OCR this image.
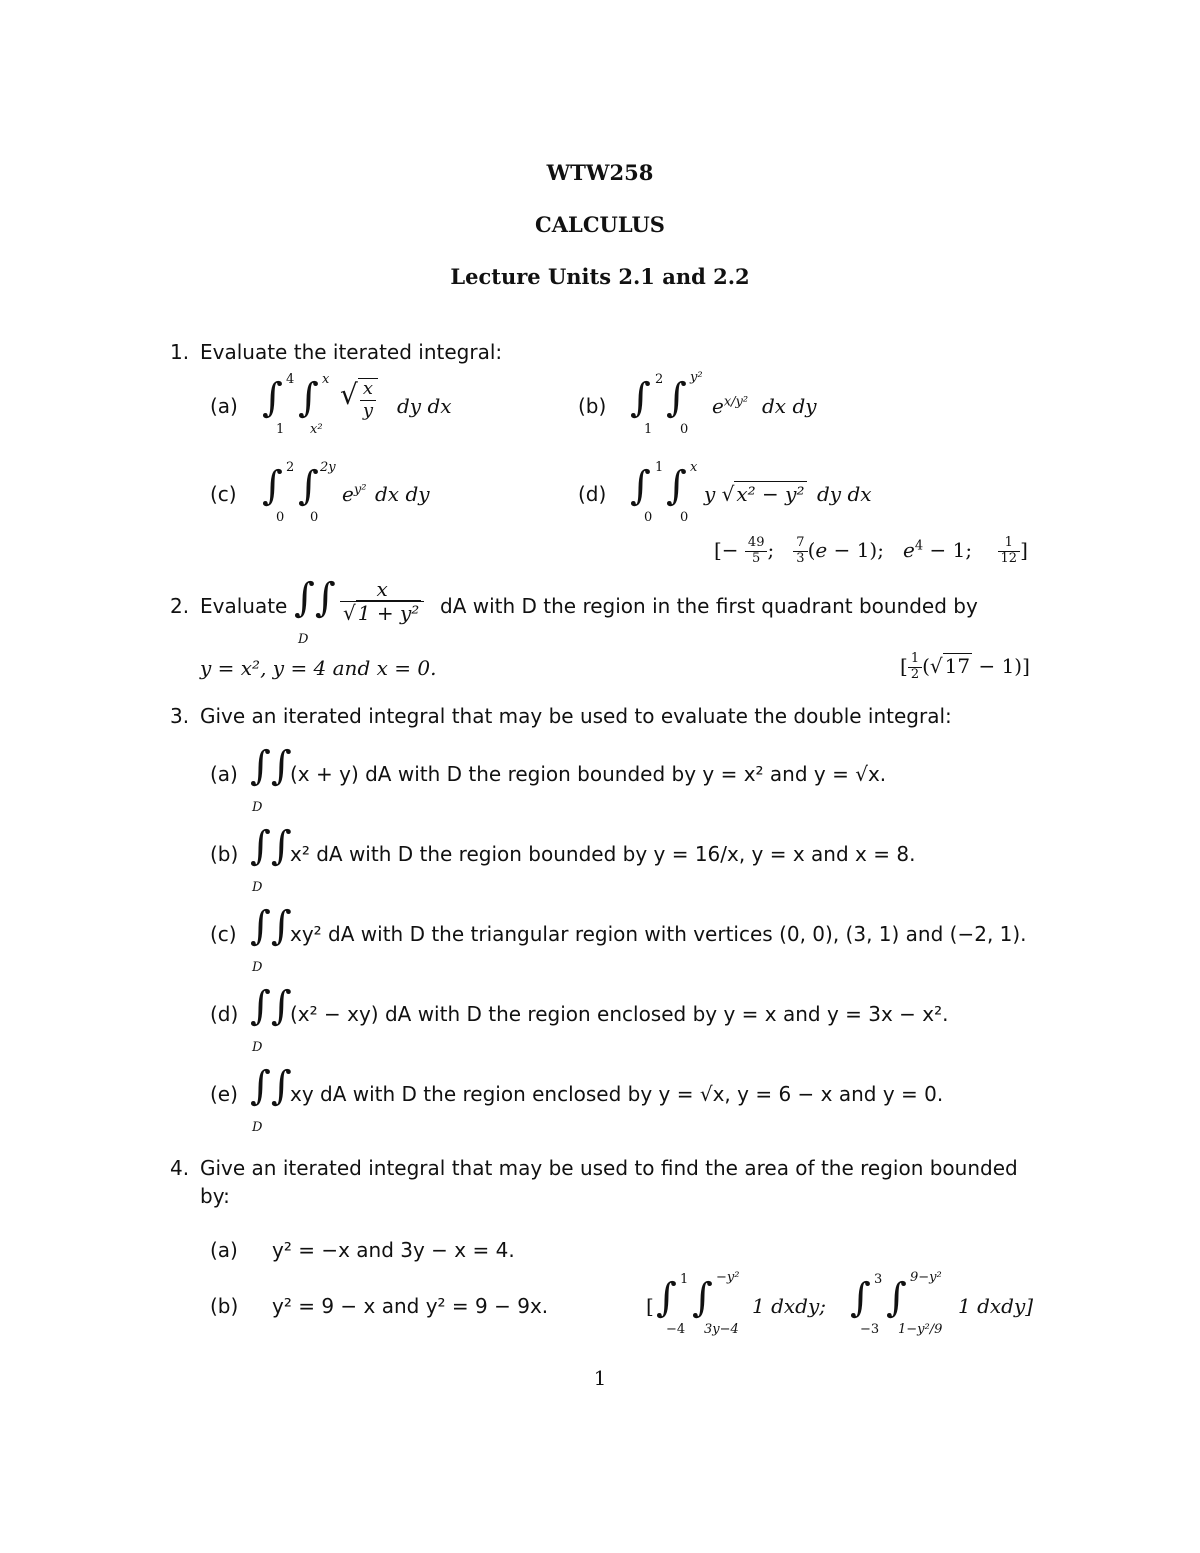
WTW258
CALCULUS
Lecture Units 2.1 and 2.2
1. Evaluate the iterated integral:
(a) ∫ 4
1
∫ x
x²
√ $\frac{x}{y}$ dy dx	(b) ∫ 2
1
∫ y²
0
$e^{x/y^2}$ dx dy
(c) ∫ 2
0
∫ 2y
0
$e^{y^2}$ dx dy	(d) ∫ 1
0
∫ x
0
y √ x² − y² dy dx
[− $\frac{49}{5}$ ; $\frac{7}{3} (e - 1)$;   $e^4 - 1$; $\frac{1}{12}$ ]
2. Evaluate ∫∫
D
$\frac{x}{\text{√ 1 + y²}}$ dA with D the region in the first quadrant bounded by
y = x², y = 4 and x = 0.	[ $\frac{1}{2}$ (√ 17 − 1)]
3. Give an iterated integral that may be used to evaluate the double integral:
(a) ∫∫
D
(x + y) dA with D the region bounded by y = x² and y = √x.
(b) ∫∫
D
x² dA with D the region bounded by y = 16/x, y = x and x = 8.
(c) ∫∫
D
xy² dA with D the triangular region with vertices (0, 0), (3, 1) and (−2, 1).
(d) ∫∫
D
(x² − xy) dA with D the region enclosed by y = x and y = 3x − x².
(e) ∫∫
D
xy dA with D the region enclosed by y = √x, y = 6 − x and y = 0.
4. Give an iterated integral that may be used to find the area of the region bounded
by:
(a) y² = −x and 3y − x = 4.
(b) y² = 9 − x and y² = 9 − 9x.	[ ∫ 1
−4
∫ −y²
3y−4
1 dxdy; ∫ 3
−3
∫ 9−y²
1−y²/9
1 dxdy]
1
